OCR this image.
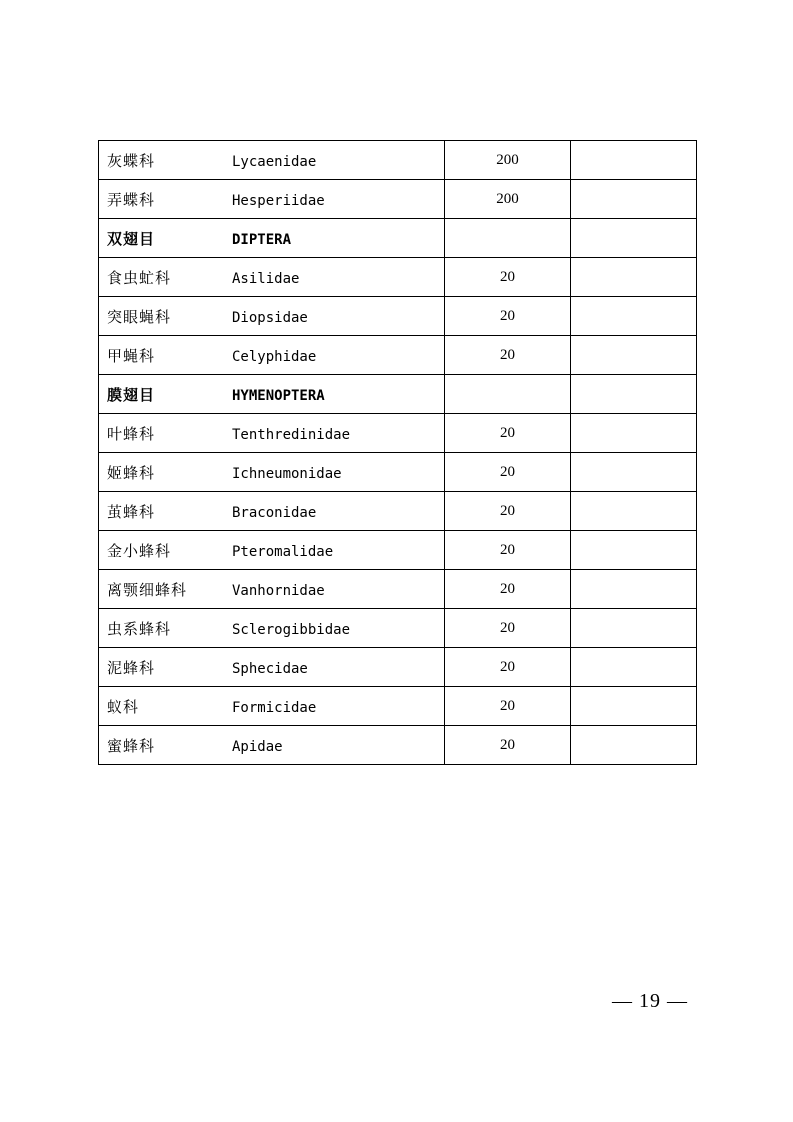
灰蝶科 Lycaenidae	200	
弄蝶科 Hesperiidae	200	
双翅目 DIPTERA		
食虫虻科 Asilidae	20	
突眼蝇科 Diopsidae	20	
甲蝇科 Celyphidae	20	
膜翅目 HYMENOPTERA		
叶蜂科 Tenthredinidae	20	
姬蜂科 Ichneumonidae	20	
茧蜂科 Braconidae	20	
金小蜂科 Pteromalidae	20	
离颚细蜂科 Vanhornidae	20	
虫系蜂科 Sclerogibbidae	20	
泥蜂科 Sphecidae	20	
蚁科 Formicidae	20	
蜜蜂科 Apidae	20	
— 19 —
